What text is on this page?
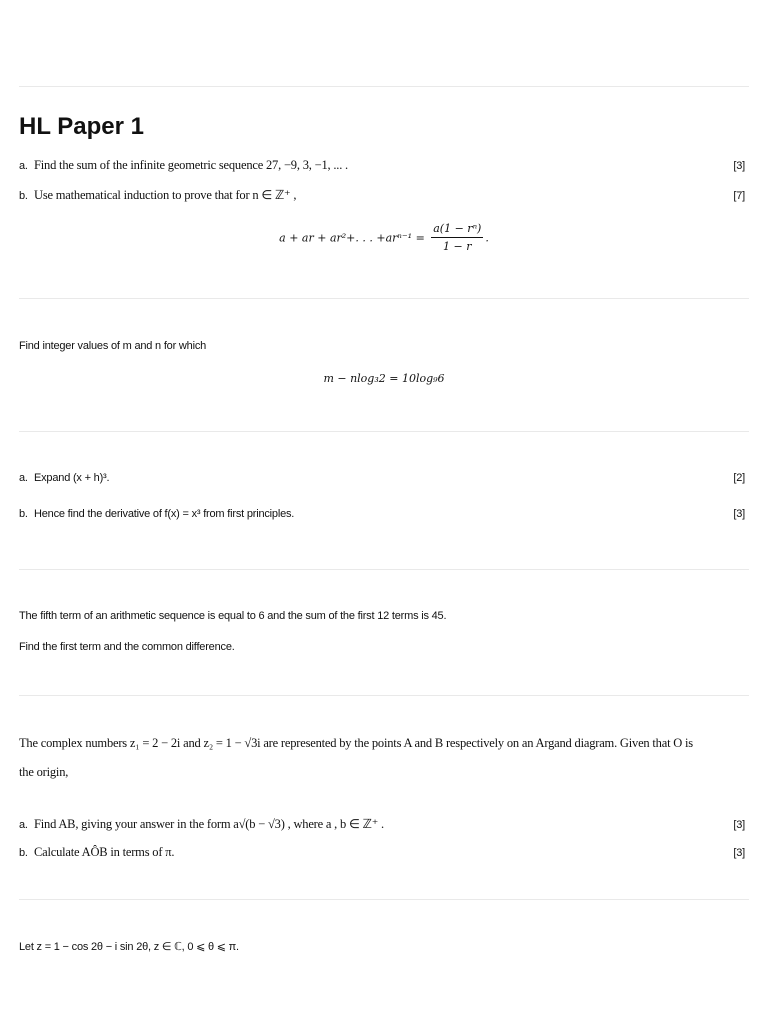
HL Paper 1
a. Find the sum of the infinite geometric sequence 27, −9, 3, −1, ... .	[3]
b. Use mathematical induction to prove that for n ∈ ℤ⁺ ,	[7]
a + ar + ar²+. . . $+ar^{n-1} = \frac{\text{a(1 − rⁿ)}}{1 - r}$ .
Find integer values of m and n for which
m − nlog₃2 = 10log₉6
a. Expand (x + h)³.	[2]
b. Hence find the derivative of f(x) = x³ from first principles.	[3]
The fifth term of an arithmetic sequence is equal to 6 and the sum of the first 12 terms is 45.
Find the first term and the common difference.
The complex numbers z₁ = 2 − 2i and z₂ = 1 − √3i are represented by the points A and B respectively on an Argand diagram. Given that O is
the origin,
a. Find AB, giving your answer in the form a√(b − √3) , where a , b ∈ ℤ⁺ .	[3]
b. Calculate AÔB in terms of π.	[3]
Let z = 1 − cos 2θ − i sin 2θ, z ∈ ℂ, 0 ⩽ θ ⩽ π.
